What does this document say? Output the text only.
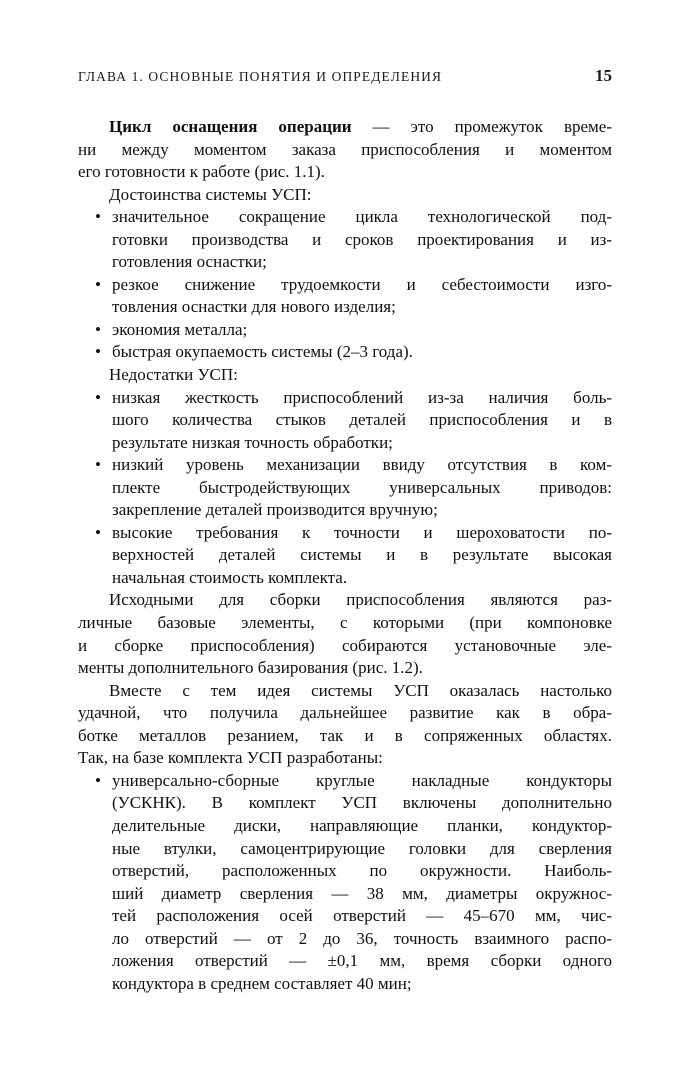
ГЛАВА 1. ОСНОВНЫЕ ПОНЯТИЯ И ОПРЕДЕЛЕНИЯ	15
Цикл оснащения операции — это промежуток време-
ни между моментом заказа приспособления и моментом
его готовности к работе (рис. 1.1).
Достоинства системы УСП:
• значительное сокращение цикла технологической под-
готовки производства и сроков проектирования и из-
готовления оснастки;
• резкое снижение трудоемкости и себестоимости изго-
товления оснастки для нового изделия;
• экономия металла;
• быстрая окупаемость системы (2–3 года).
Недостатки УСП:
• низкая жесткость приспособлений из-за наличия боль-
шого количества стыков деталей приспособления и в
результате низкая точность обработки;
• низкий уровень механизации ввиду отсутствия в ком-
плекте быстродействующих универсальных приводов:
закрепление деталей производится вручную;
• высокие требования к точности и шероховатости по-
верхностей деталей системы и в результате высокая
начальная стоимость комплекта.
Исходными для сборки приспособления являются раз-
личные базовые элементы, с которыми (при компоновке
и сборке приспособления) собираются установочные эле-
менты дополнительного базирования (рис. 1.2).
Вместе с тем идея системы УСП оказалась настолько
удачной, что получила дальнейшее развитие как в обра-
ботке металлов резанием, так и в сопряженных областях.
Так, на базе комплекта УСП разработаны:
• универсально-сборные круглые накладные кондукторы
(УСКНК). В комплект УСП включены дополнительно
делительные диски, направляющие планки, кондуктор-
ные втулки, самоцентрирующие головки для сверления
отверстий, расположенных по окружности. Наиболь-
ший диаметр сверления — 38 мм, диаметры окружнос-
тей расположения осей отверстий — 45–670 мм, чис-
ло отверстий — от 2 до 36, точность взаимного распо-
ложения отверстий — ±0,1 мм, время сборки одного
кондуктора в среднем составляет 40 мин;
